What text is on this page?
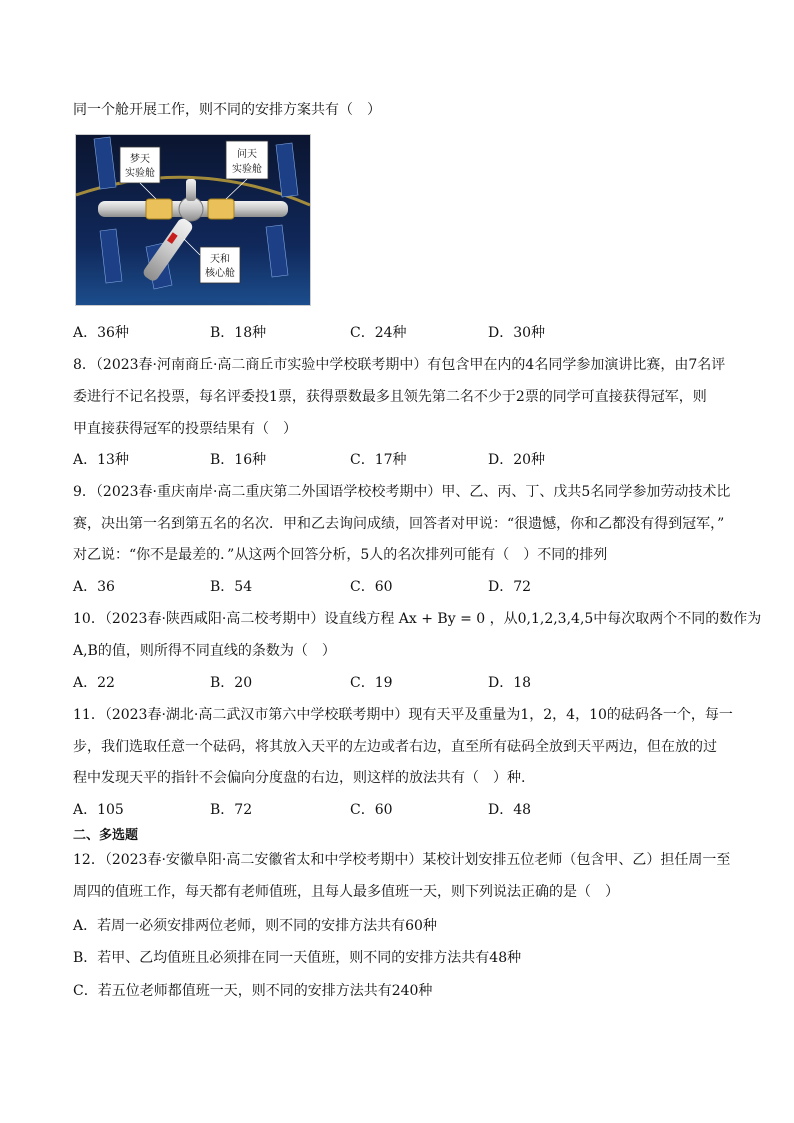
同一个舱开展工作，则不同的安排方案共有（　）
梦天
实验舱
问天
实验舱
天和
核心舱
A．36种	B．18种	C．24种	D．30种
8．（2023春·河南商丘·高二商丘市实验中学校联考期中）有包含甲在内的4名同学参加演讲比赛，由7名评
委进行不记名投票，每名评委投1票，获得票数最多且领先第二名不少于2票的同学可直接获得冠军，则
甲直接获得冠军的投票结果有（　）
A．13种	B．16种	C．17种	D．20种
9．（2023春·重庆南岸·高二重庆第二外国语学校校考期中）甲、乙、丙、丁、戊共5名同学参加劳动技术比
赛，决出第一名到第五名的名次．甲和乙去询问成绩，回答者对甲说：“很遗憾，你和乙都没有得到冠军，”
对乙说：“你不是最差的．”从这两个回答分析，5人的名次排列可能有（　）不同的排列
A．36	B．54	C．60	D．72
10．（2023春·陕西咸阳·高二校考期中）设直线方程 Ax + By = 0 ，从0,1,2,3,4,5中每次取两个不同的数作为
A,B的值，则所得不同直线的条数为（　）
A．22	B．20	C．19	D．18
11．（2023春·湖北·高二武汉市第六中学校联考期中）现有天平及重量为1，2，4，10的砝码各一个，每一
步，我们选取任意一个砝码，将其放入天平的左边或者右边，直至所有砝码全放到天平两边，但在放的过
程中发现天平的指针不会偏向分度盘的右边，则这样的放法共有（　）种.
A．105	B．72	C．60	D．48
二、多选题
12．（2023春·安徽阜阳·高二安徽省太和中学校考期中）某校计划安排五位老师（包含甲、乙）担任周一至
周四的值班工作，每天都有老师值班，且每人最多值班一天，则下列说法正确的是（　）
A．若周一必须安排两位老师，则不同的安排方法共有60种
B．若甲、乙均值班且必须排在同一天值班，则不同的安排方法共有48种
C．若五位老师都值班一天，则不同的安排方法共有240种
